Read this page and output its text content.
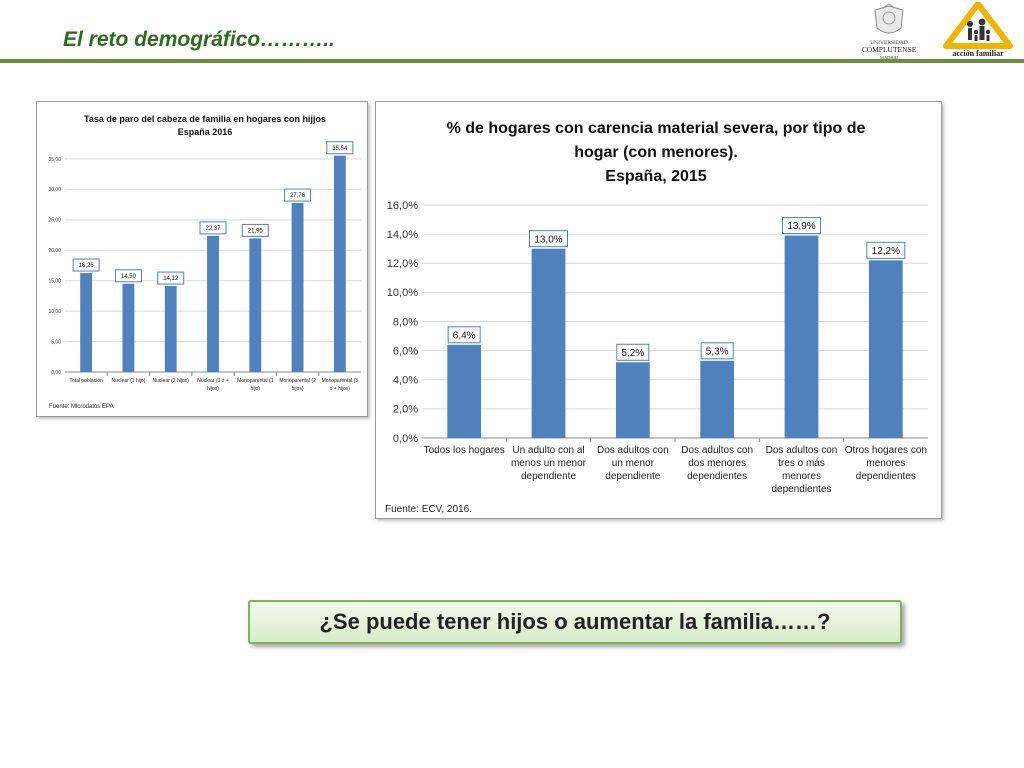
El reto demográfico………..	UNIVERSIDAD
COMPLUTENSE
MADRID	acción familiar
Tasa de paro del cabeza de familia en hogares con hijjos
España 2016
0,00
5,00
10,00
15,00
20,00
25,00
30,00
35,00
16,26
Total población
14,50
Nuclear (1 hijo)
14,12
Nuclear (2 hijos)
22,37
Nuclear (3 o +
hijos)
21,95
Monoparental (1
hijo)
27,76
Monoparental (2
hijos)
35,54
Monoparental (3
o + hijos)
Fuente: Microdatos EPA
% de hogares con carencia material severa, por tipo de
hogar (con menores).
España, 2015
0,0%
2,0%
4,0%
6,0%
8,0%
10,0%
12,0%
14,0%
16,0%
6,4%
Todos los hogares
13,0%
Un adulto con al
menos un menor
dependiente
5,2%
Dos adultos con
un menor
dependiente
5,3%
Dos adultos con
dos menores
dependientes
13,9%
Dos adultos con
tres o más
menores
dependientes
12,2%
Otros hogares con
menores
dependientes
Fuente: ECV, 2016.
¿Se puede tener hijos o aumentar la familia……?
